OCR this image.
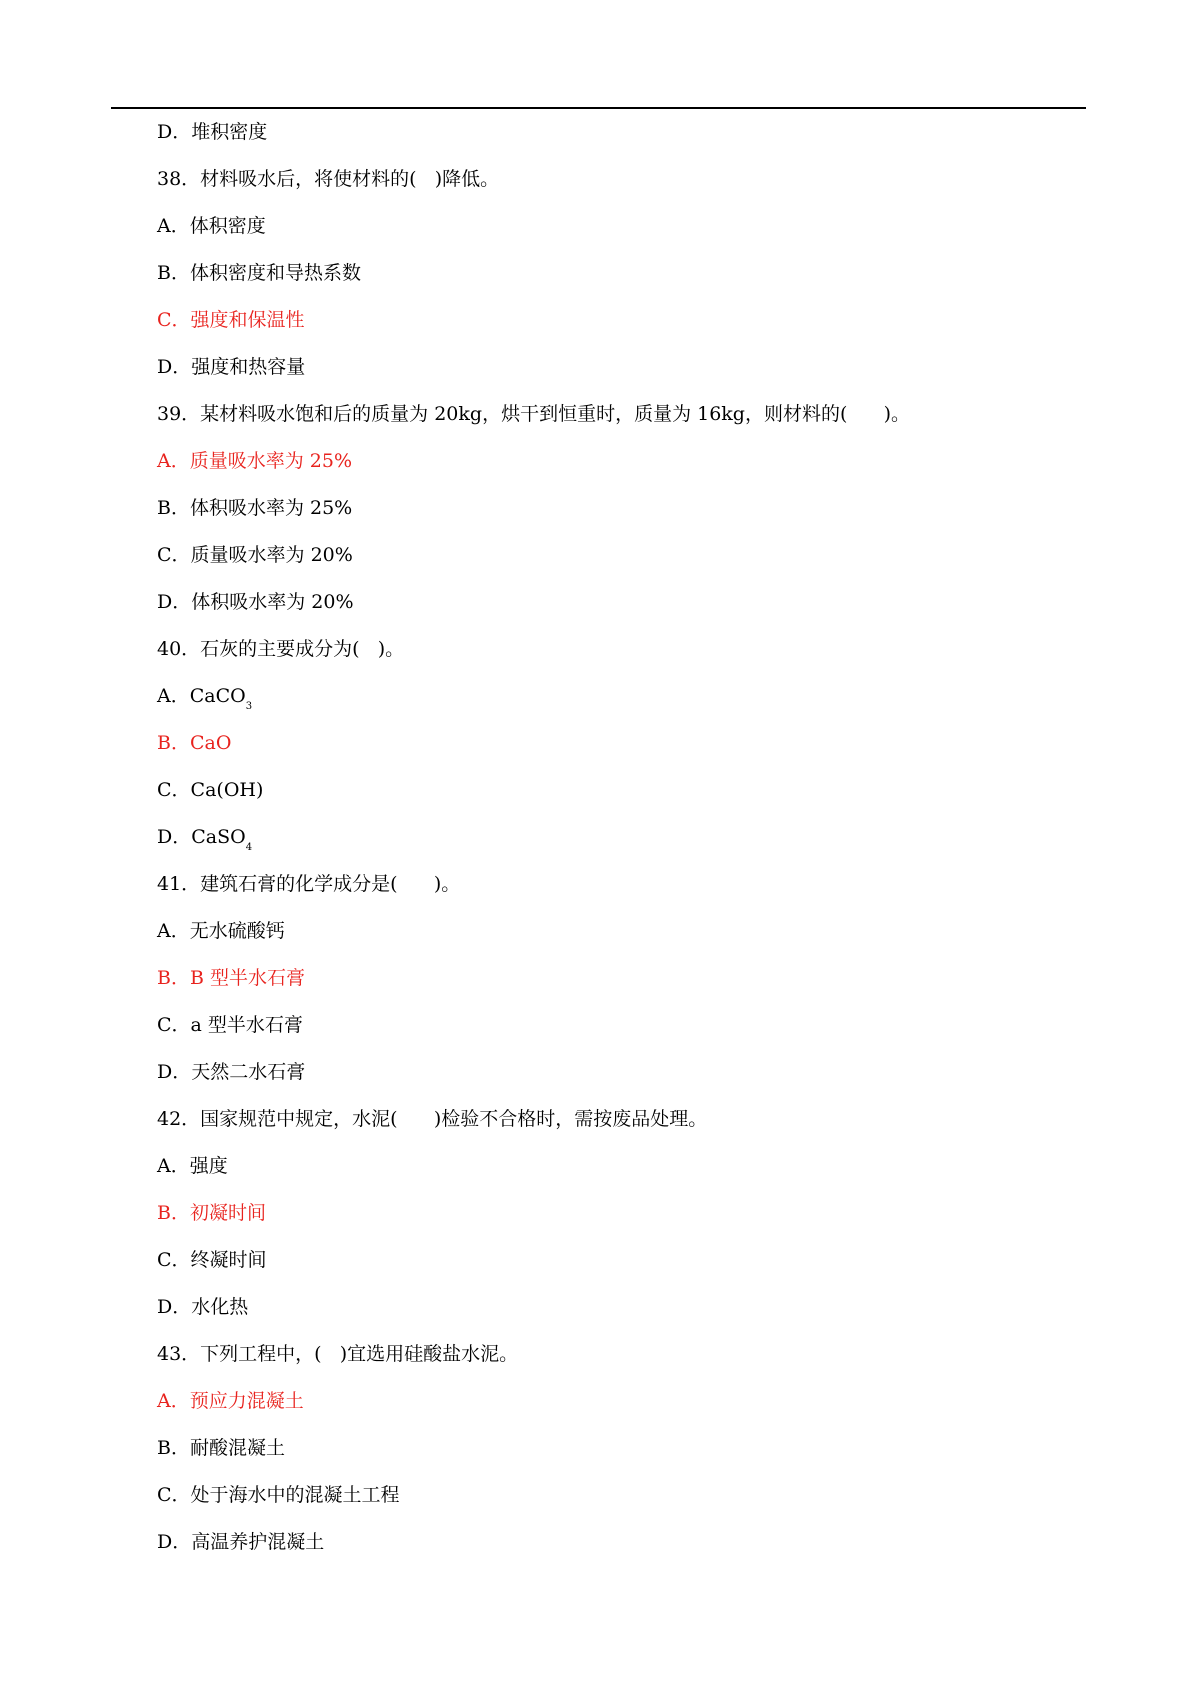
D．堆积密度
38．材料吸水后，将使材料的(   )降低。
A．体积密度
B．体积密度和导热系数
C．强度和保温性
D．强度和热容量
39．某材料吸水饱和后的质量为 20kg，烘干到恒重时，质量为 16kg，则材料的(      )。
A．质量吸水率为 25%
B．体积吸水率为 25%
C．质量吸水率为 20%
D．体积吸水率为 20%
40．石灰的主要成分为(   )。
A．CaCO$_3$
B．CaO
C．Ca(OH)
D．CaSO$_4$
41．建筑石膏的化学成分是(      )。
A．无水硫酸钙
B．Β 型半水石膏
C．a 型半水石膏
D．天然二水石膏
42．国家规范中规定，水泥(      )检验不合格时，需按废品处理。
A．强度
B．初凝时间
C．终凝时间
D．水化热
43．下列工程中，(   )宜选用硅酸盐水泥。
A．预应力混凝土
B．耐酸混凝土
C．处于海水中的混凝土工程
D．高温养护混凝土
